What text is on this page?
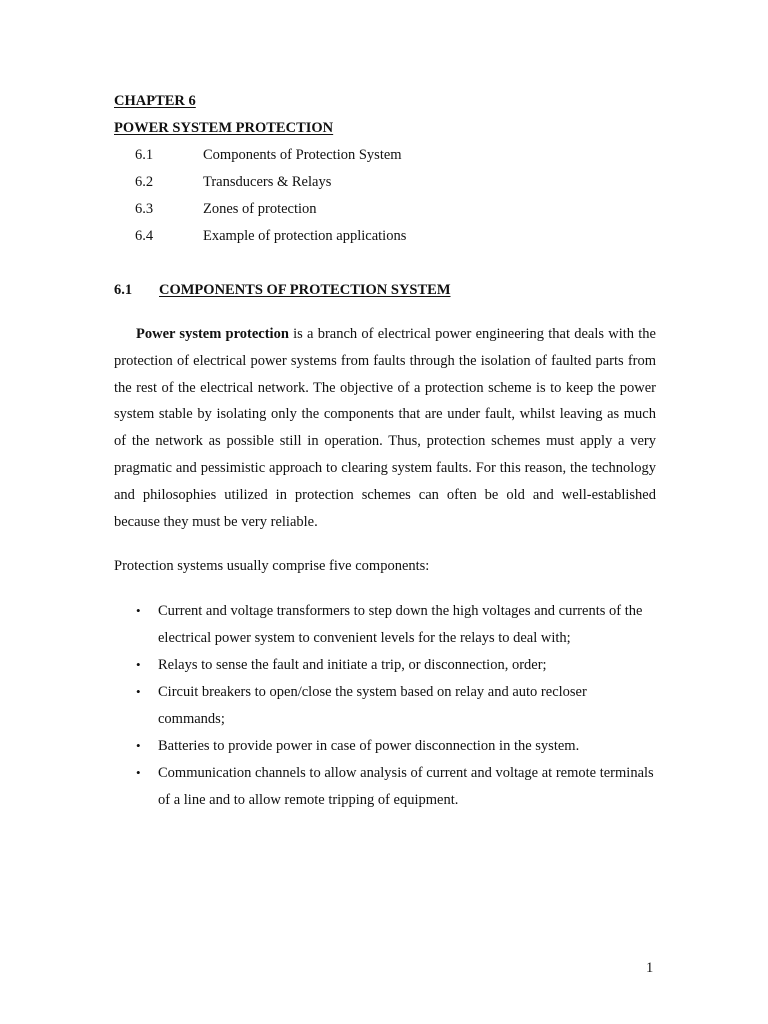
CHAPTER 6
POWER SYSTEM PROTECTION
6.1	Components of Protection System
6.2	Transducers & Relays
6.3	Zones of protection
6.4	Example of protection applications
6.1 COMPONENTS OF PROTECTION SYSTEM
Power system protection is a branch of electrical power engineering that deals with the protection of electrical power systems from faults through the isolation of faulted parts from the rest of the electrical network. The objective of a protection scheme is to keep the power system stable by isolating only the components that are under fault, whilst leaving as much of the network as possible still in operation. Thus, protection schemes must apply a very pragmatic and pessimistic approach to clearing system faults. For this reason, the technology and philosophies utilized in protection schemes can often be old and well-established because they must be very reliable.
Protection systems usually comprise five components:
• Current and voltage transformers to step down the high voltages and currents of the electrical power system to convenient levels for the relays to deal with;
• Relays to sense the fault and initiate a trip, or disconnection, order;
• Circuit breakers to open/close the system based on relay and auto recloser commands;
• Batteries to provide power in case of power disconnection in the system.
• Communication channels to allow analysis of current and voltage at remote terminals of a line and to allow remote tripping of equipment.
1
